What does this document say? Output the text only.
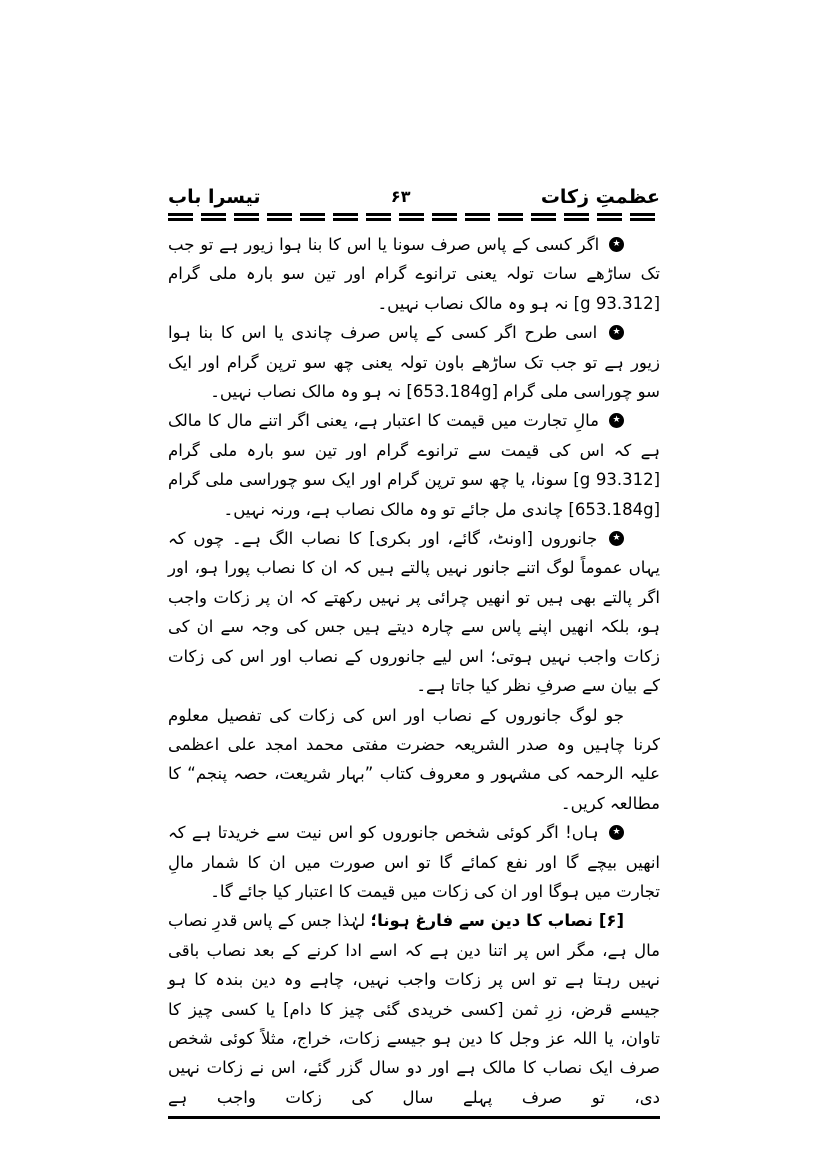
عظمتِ زکات
۶۳
تیسرا باب
★
اگر کسی کے پاس صرف سونا یا اس کا بنا ہوا زیور ہے تو جب تک ساڑھے سات تولہ یعنی ترانوے گرام اور تین سو بارہ ملی گرام [93.312 g] نہ ہو وہ مالک نصاب نہیں۔
★
اسی طرح اگر کسی کے پاس صرف چاندی یا اس کا بنا ہوا زیور ہے تو جب تک ساڑھے باون تولہ یعنی چھ سو ترپن گرام اور ایک سو چوراسی ملی گرام [653.184g] نہ ہو وہ مالک نصاب نہیں۔
★
مالِ تجارت میں قیمت کا اعتبار ہے، یعنی اگر اتنے مال کا مالک ہے کہ اس کی قیمت سے ترانوے گرام اور تین سو بارہ ملی گرام [93.312 g] سونا، یا چھ سو ترپن گرام اور ایک سو چوراسی ملی گرام [653.184g] چاندی مل جائے تو وہ مالک نصاب ہے، ورنہ نہیں۔
★
جانوروں [اونٹ، گائے، اور بکری] کا نصاب الگ ہے۔ چوں کہ یہاں عموماً لوگ اتنے جانور نہیں پالتے ہیں کہ ان کا نصاب پورا ہو، اور اگر پالتے بھی ہیں تو انھیں چرائی پر نہیں رکھتے کہ ان پر زکات واجب ہو، بلکہ انھیں اپنے پاس سے چارہ دیتے ہیں جس کی وجہ سے ان کی زکات واجب نہیں ہوتی؛ اس لیے جانوروں کے نصاب اور اس کی زکات کے بیان سے صرفِ نظر کیا جاتا ہے۔
جو لوگ جانوروں کے نصاب اور اس کی زکات کی تفصیل معلوم کرنا چاہیں وہ صدر الشریعہ حضرت مفتی محمد امجد علی اعظمی علیہ الرحمہ کی مشہور و معروف کتاب ”بہار شریعت، حصہ پنجم“ کا مطالعہ کریں۔
★
ہاں! اگر کوئی شخص جانوروں کو اس نیت سے خریدتا ہے کہ انھیں بیچے گا اور نفع کمائے گا تو اس صورت میں ان کا شمار مالِ تجارت میں ہوگا اور ان کی زکات میں قیمت کا اعتبار کیا جائے گا۔
[۶] نصاب کا دین سے فارغ ہونا؛ لہٰذا جس کے پاس قدرِ نصاب مال ہے، مگر اس پر اتنا دین ہے کہ اسے ادا کرنے کے بعد نصاب باقی نہیں رہتا ہے تو اس پر زکات واجب نہیں، چاہے وہ دین بندہ کا ہو جیسے قرض، زرِ ثمن [کسی خریدی گئی چیز کا دام] یا کسی چیز کا تاوان، یا اللہ عز وجل کا دین ہو جیسے زکات، خراج، مثلاً کوئی شخص صرف ایک نصاب کا مالک ہے اور دو سال گزر گئے، اس نے زکات نہیں دی، تو صرف پہلے سال کی زکات واجب ہے
